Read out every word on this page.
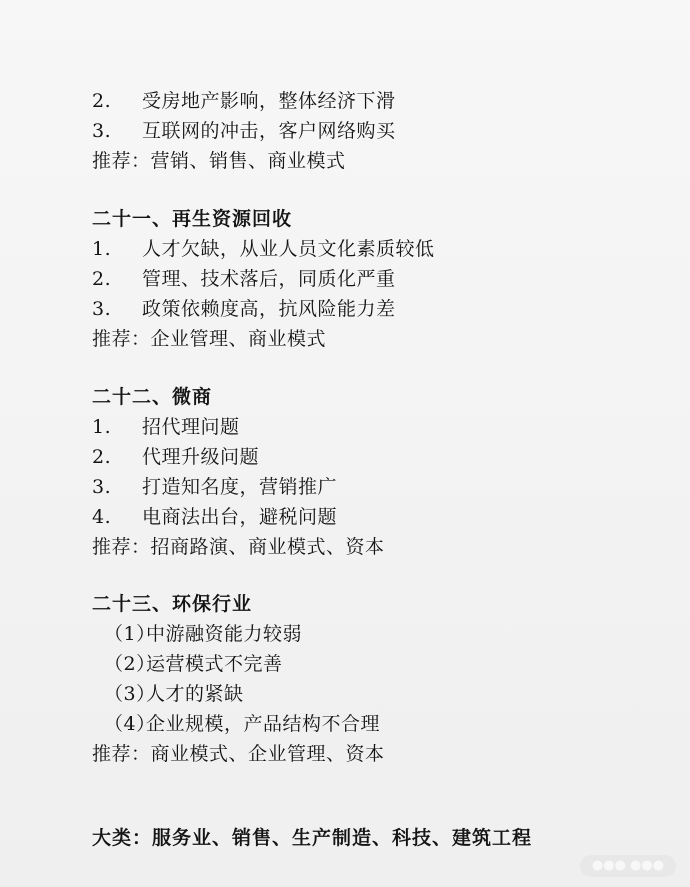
2. 受房地产影响，整体经济下滑
3. 互联网的冲击，客户网络购买
推荐：营销、销售、商业模式
二十一、再生资源回收
1. 人才欠缺，从业人员文化素质较低
2. 管理、技术落后，同质化严重
3. 政策依赖度高，抗风险能力差
推荐：企业管理、商业模式
二十二、微商
1. 招代理问题
2. 代理升级问题
3. 打造知名度，营销推广
4. 电商法出台，避税问题
推荐：招商路演、商业模式、资本
二十三、环保行业
（1）中游融资能力较弱
（2）运营模式不完善
（3）人才的紧缺
（4）企业规模，产品结构不合理
推荐：商业模式、企业管理、资本
大类：服务业、销售、生产制造、科技、建筑工程
●●● ●●●
